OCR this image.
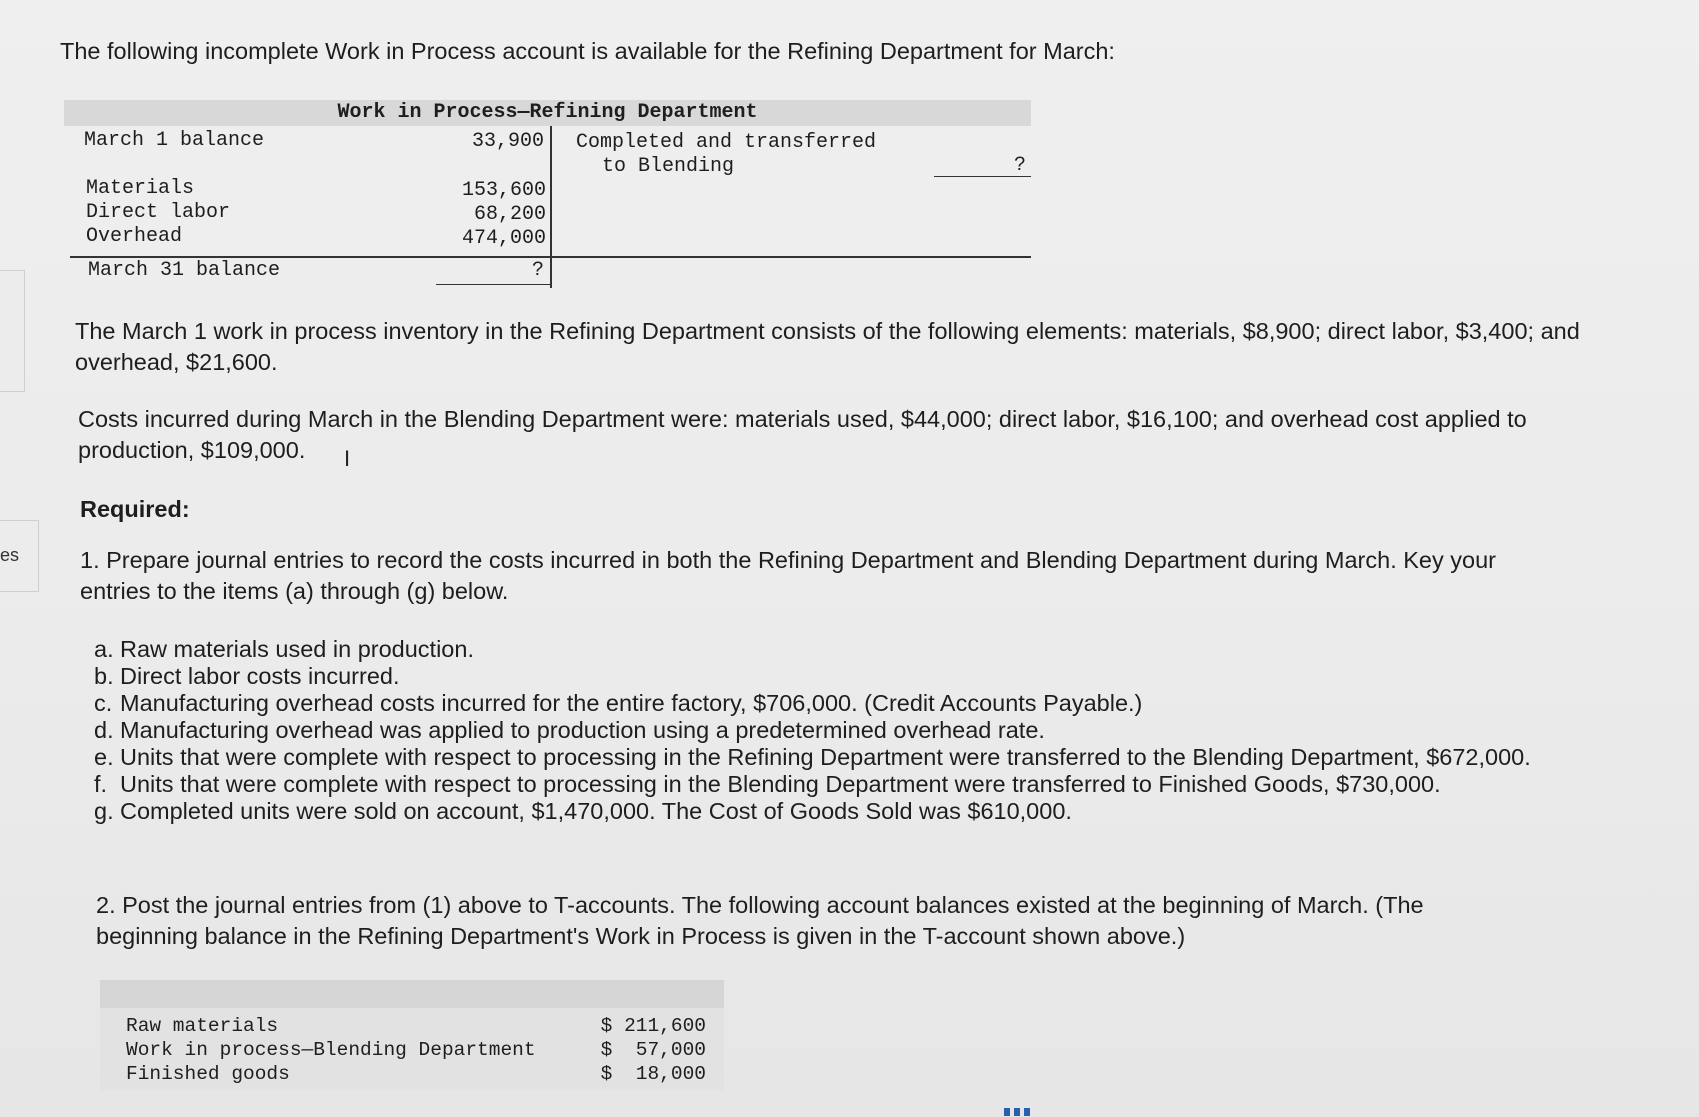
es
The following incomplete Work in Process account is available for the Refining Department for March:
Work in Process—Refining Department
March 1 balance	33,900
Materials	153,600
Direct labor	68,200
Overhead	474,000
Completed and transferred
to Blending	?
March 31 balance	?
The March 1 work in process inventory in the Refining Department consists of the following elements: materials, $8,900; direct labor, $3,400; and overhead, $21,600.
Costs incurred during March in the Blending Department were: materials used, $44,000; direct labor, $16,100; and overhead cost applied to production, $109,000.	I
Required:
1. Prepare journal entries to record the costs incurred in both the Refining Department and Blending Department during March. Key your entries to the items (a) through (g) below.
a. Raw materials used in production.
b. Direct labor costs incurred.
c. Manufacturing overhead costs incurred for the entire factory, $706,000. (Credit Accounts Payable.)
d. Manufacturing overhead was applied to production using a predetermined overhead rate.
e. Units that were complete with respect to processing in the Refining Department were transferred to the Blending Department, $672,000.
f. Units that were complete with respect to processing in the Blending Department were transferred to Finished Goods, $730,000.
g. Completed units were sold on account, $1,470,000. The Cost of Goods Sold was $610,000.
2. Post the journal entries from (1) above to T-accounts. The following account balances existed at the beginning of March. (The beginning balance in the Refining Department's Work in Process is given in the T-account shown above.)
Raw materials	$ 211,600
Work in process—Blending Department	$  57,000
Finished goods	$  18,000
